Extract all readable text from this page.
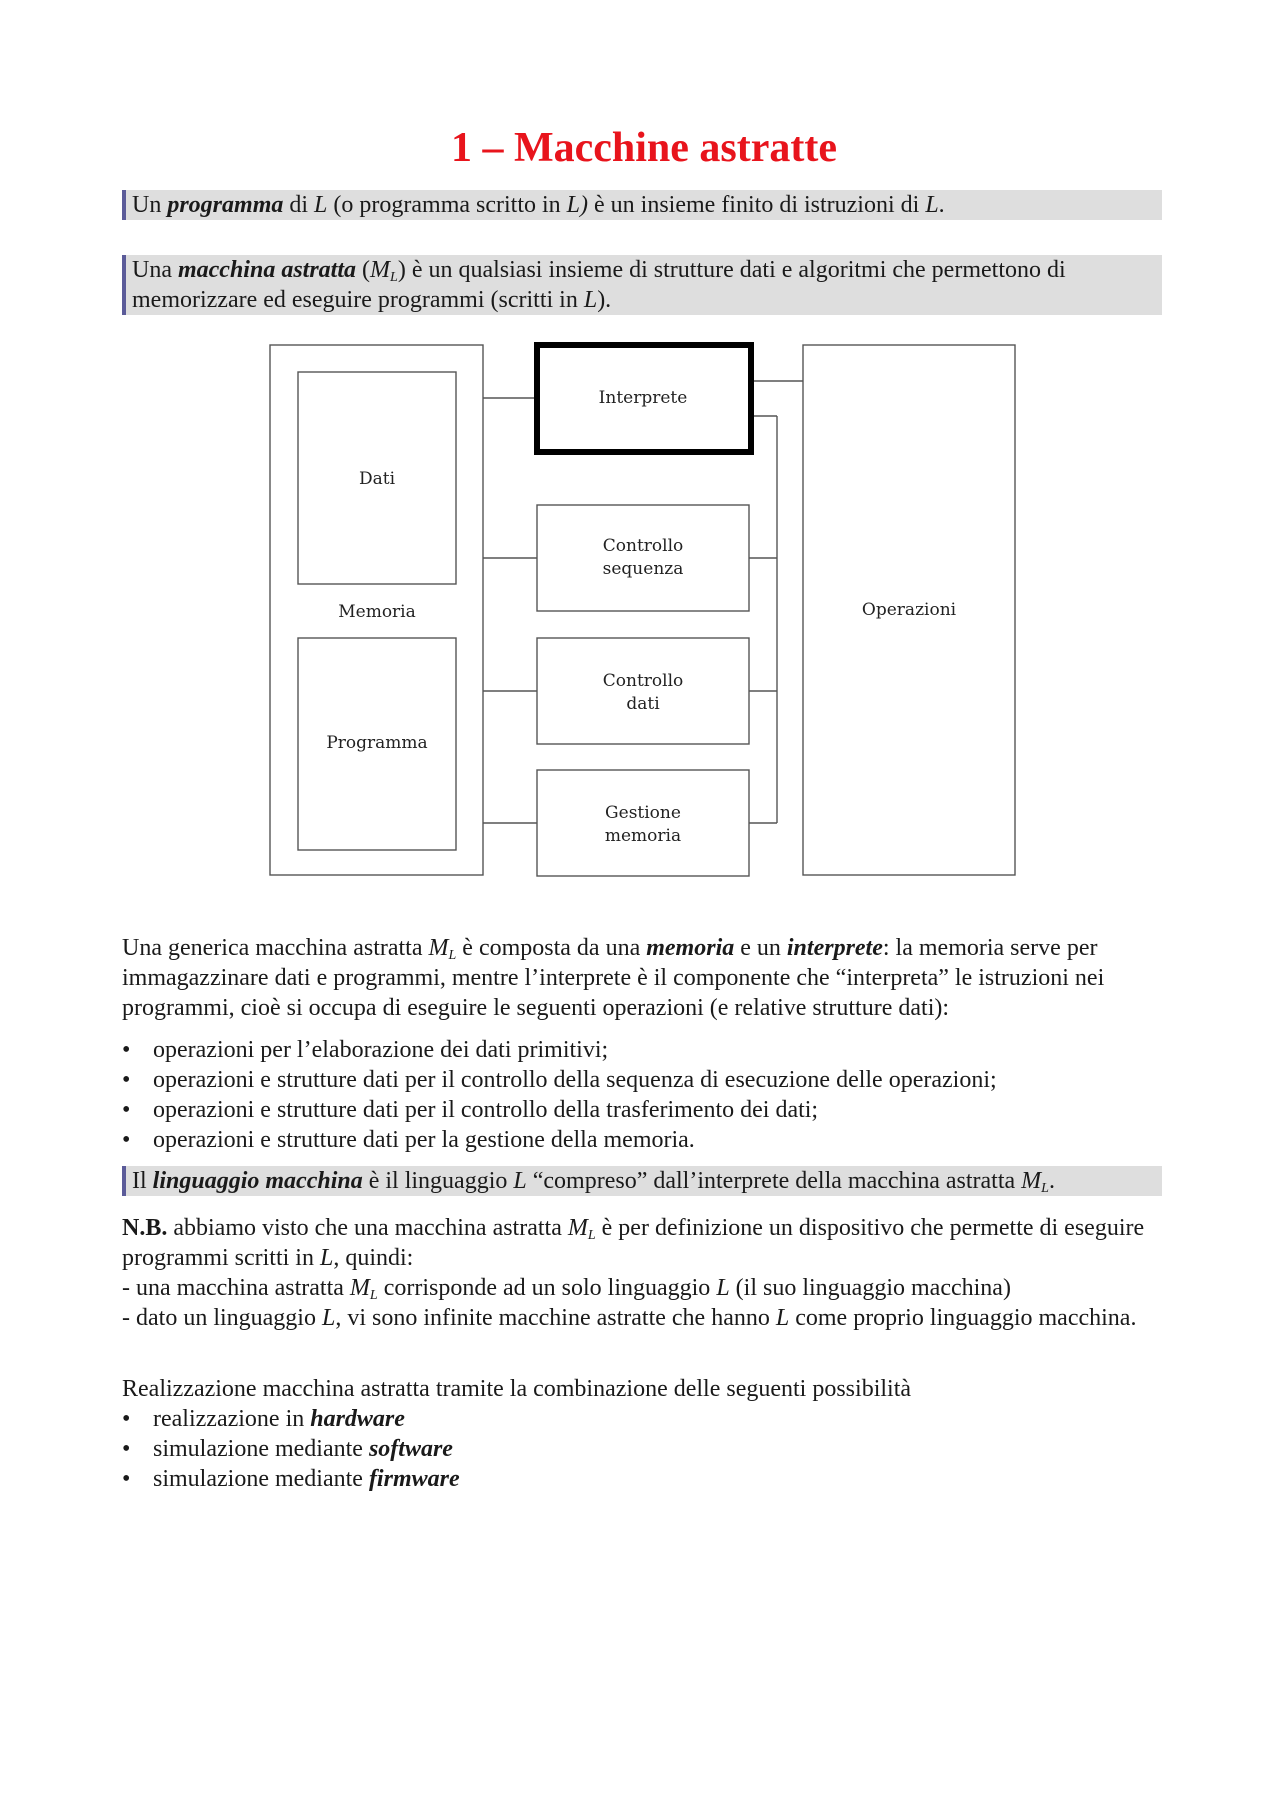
1 – Macchine astratte
Un programma di L (o programma scritto in L) è un insieme finito di istruzioni di L.
Una macchina astratta $(M_L)$ è un qualsiasi insieme di strutture dati e algoritmi che permettono di memorizzare ed eseguire programmi (scritti in L).
Dati
Memoria
Programma
Interprete
Controllo
sequenza
Controllo
dati
Gestione
memoria
Operazioni

Una generica macchina astratta $M_L$ è composta da una memoria e un interprete: la memoria serve per immagazzinare dati e programmi, mentre l’interprete è il componente che “interpreta” le istruzioni nei programmi, cioè si occupa di eseguire le seguenti operazioni (e relative strutture dati):

• operazioni per l’elaborazione dei dati primitivi;
• operazioni e strutture dati per il controllo della sequenza di esecuzione delle operazioni;
• operazioni e strutture dati per il controllo della trasferimento dei dati;
• operazioni e strutture dati per la gestione della memoria.
Il linguaggio macchina è il linguaggio L “compreso” dall’interprete della macchina astratta $M_L$.

N.B. abbiamo visto che una macchina astratta $M_L$ è per definizione un dispositivo che permette di eseguire programmi scritti in L, quindi:
- una macchina astratta $M_L$ corrisponde ad un solo linguaggio L (il suo linguaggio macchina)
- dato un linguaggio L, vi sono infinite macchine astratte che hanno L come proprio linguaggio macchina.

Realizzazione macchina astratta tramite la combinazione delle seguenti possibilità

• realizzazione in hardware
• simulazione mediante software
• simulazione mediante firmware
